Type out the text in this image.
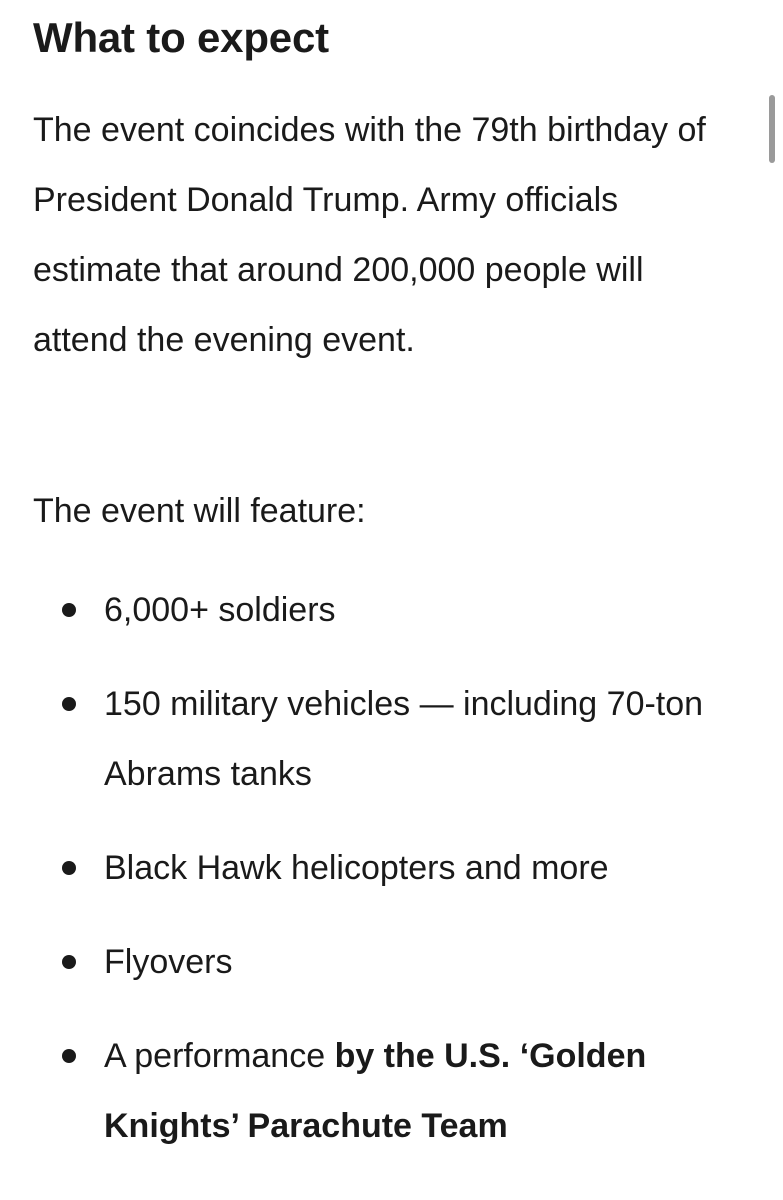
What to expect

The event coincides with the 79th birthday of President Donald Trump. Army officials estimate that around 200,000 people will attend the evening event.

The event will feature:

6,000+ soldiers
150 military vehicles — including 70-ton Abrams tanks
Black Hawk helicopters and more
Flyovers
A performance by the U.S. ‘Golden Knights’ Parachute Team
